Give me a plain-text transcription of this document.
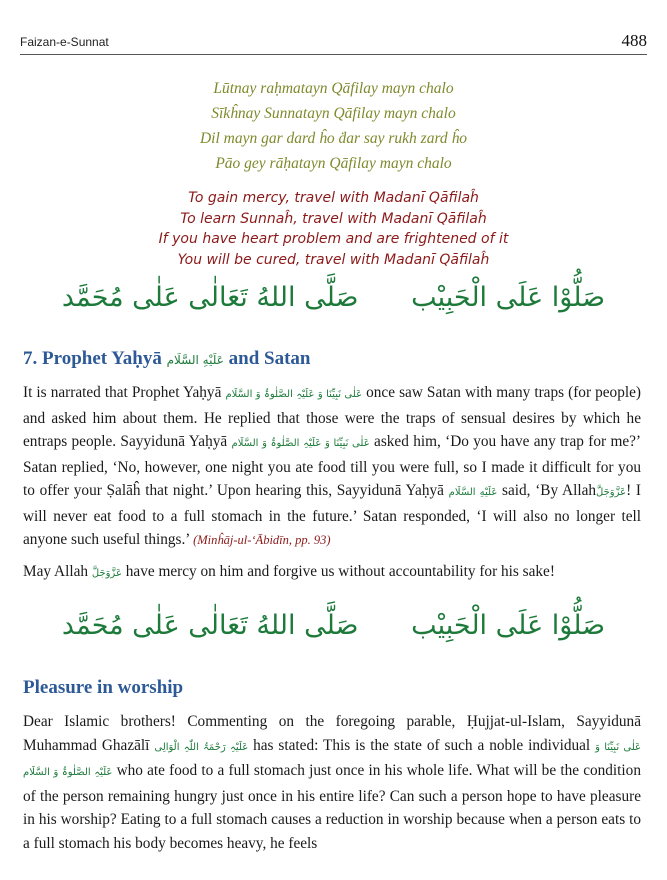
Faizan-e-Sunnat	488
Lūtnay raḥmatayn Qāfilay mayn chalo
Sīkĥnay Sunnatayn Qāfilay mayn chalo
Dil mayn gar dard ĥo ḋar say rukh zard ĥo
Pāo gey rāḥatayn Qāfilay mayn chalo
To gain mercy, travel with Madanī Qāfilaĥ
To learn Sunnaĥ, travel with Madanī Qāfilaĥ
If you have heart problem and are frightened of it
You will be cured, travel with Madanī Qāfilaĥ
صَلُّوْا عَلَى الْحَبِيْب صَلَّى اللهُ تَعَالٰى عَلٰى مُحَمَّد
7. Prophet Yaḥyā عَلَيْهِ السَّلَام and Satan
It is narrated that Prophet Yaḥyā عَلٰی نَبِیِّنَا وَ عَلَیْہِ الصَّلٰوۃُ وَ السَّلَام once saw Satan with many traps (for people) and asked him about them. He replied that those were the traps of sensual desires by which he entraps people. Sayyidunā Yaḥyā عَلٰی نَبِیِّنَا وَ عَلَیْہِ الصَّلٰوۃُ وَ السَّلَام asked him, ‘Do you have any trap for me?’ Satan replied, ‘No, however, one night you ate food till you were full, so I made it difficult for you to offer your Ṣalāĥ that night.’ Upon hearing this, Sayyidunā Yaḥyā عَلَيْهِ السَّلَام said, ‘By Allahعَزَّوَجَلَّ! I will never eat food to a full stomach in the future.’ Satan responded, ‘I will also no longer tell anyone such useful things.’ (Minĥāj-ul-‘Ābidīn, pp. 93)
May Allah عَزَّوَجَلَّ have mercy on him and forgive us without accountability for his sake!
صَلُّوْا عَلَى الْحَبِيْب صَلَّى اللهُ تَعَالٰى عَلٰى مُحَمَّد
Pleasure in worship
Dear Islamic brothers! Commenting on the foregoing parable, Ḥujjat-ul-Islam, Sayyidunā Muhammad Ghazālī عَلَیْہِ رَحْمَۃُ اللّٰہِ الْوَالِی has stated: This is the state of such a noble individual عَلٰی نَبِیِّنَا وَ عَلَیْہِ الصَّلٰوۃُ وَ السَّلَام who ate food to a full stomach just once in his whole life. What will be the condition of the person remaining hungry just once in his entire life? Can such a person hope to have pleasure in his worship? Eating to a full stomach causes a reduction in worship because when a person eats to a full stomach his body becomes heavy, he feels
